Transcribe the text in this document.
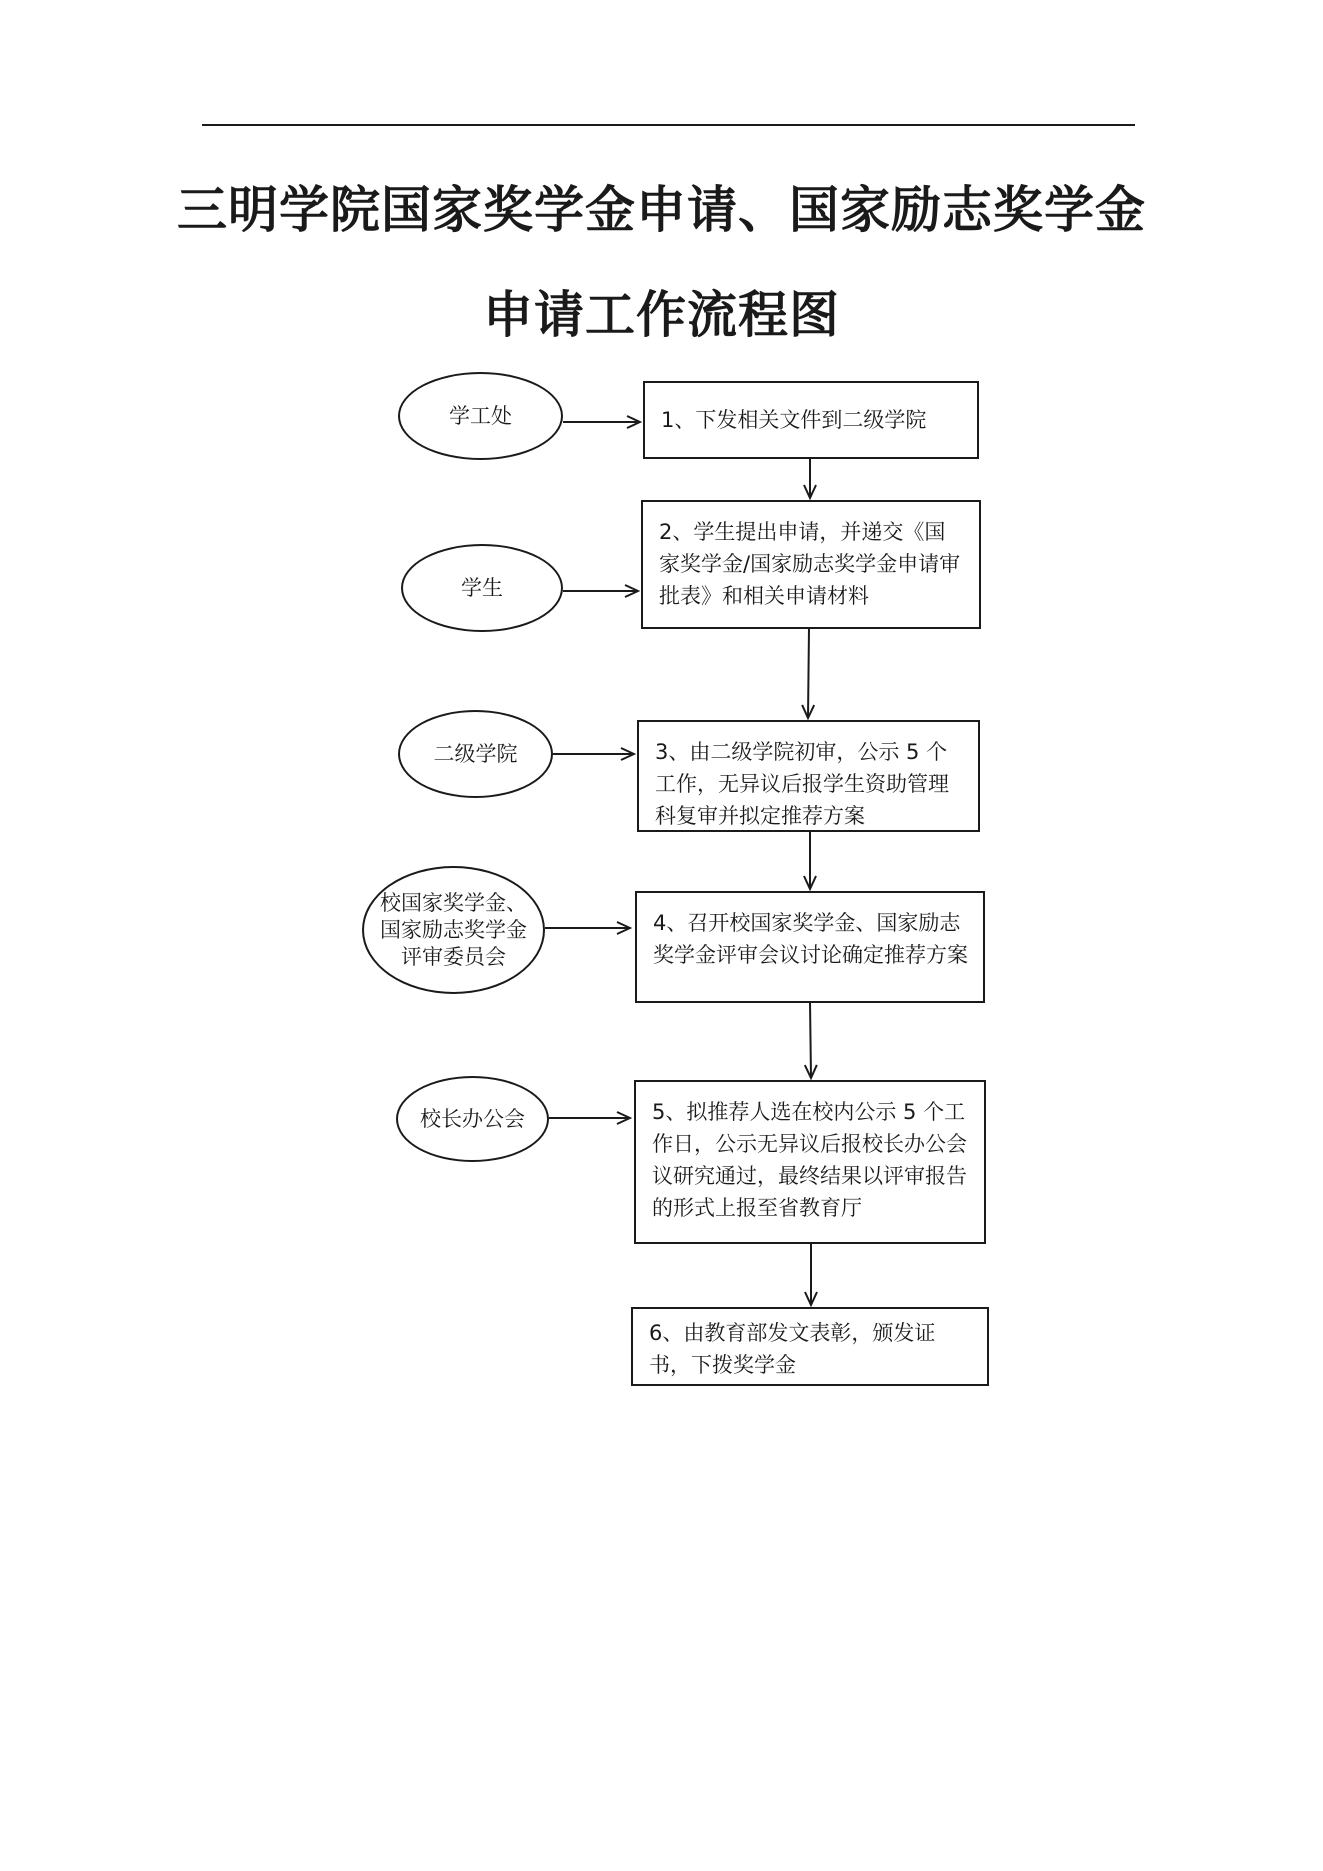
三明学院国家奖学金申请、国家励志奖学金
申请工作流程图
学工处
学生
二级学院
校国家奖学金、国家励志奖学金评审委员会
校长办公会
1、下发相关文件到二级学院
2、学生提出申请，并递交《国家奖学金/国家励志奖学金申请审批表》和相关申请材料
3、由二级学院初审，公示 5 个工作，无异议后报学生资助管理科复审并拟定推荐方案
4、召开校国家奖学金、国家励志奖学金评审会议讨论确定推荐方案
5、拟推荐人选在校内公示 5 个工作日，公示无异议后报校长办公会议研究通过，最终结果以评审报告的形式上报至省教育厅
6、由教育部发文表彰，颁发证书，下拨奖学金
